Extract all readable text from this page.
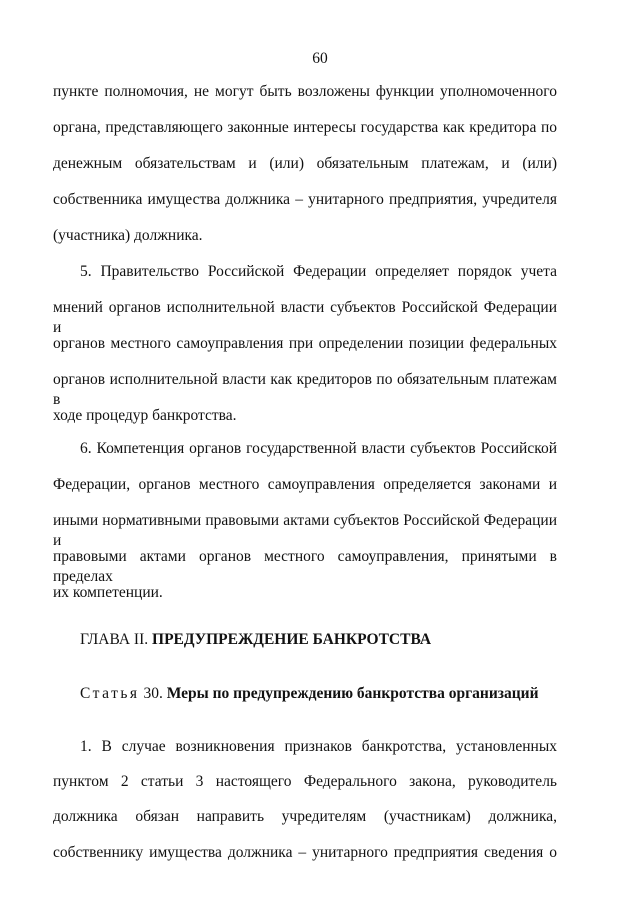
60
пункте полномочия, не могут быть возложены функции уполномоченного
органа, представляющего законные интересы государства как кредитора по
денежным обязательствам и (или) обязательным платежам, и (или)
собственника имущества должника – унитарного предприятия, учредителя
(участника) должника.
5. Правительство Российской Федерации определяет порядок учета
мнений органов исполнительной власти субъектов Российской Федерации и
органов местного самоуправления при определении позиции федеральных
органов исполнительной власти как кредиторов по обязательным платежам в
ходе процедур банкротства.
6. Компетенция органов государственной власти субъектов Российской
Федерации, органов местного самоуправления определяется законами и
иными нормативными правовыми актами субъектов Российской Федерации и
правовыми актами органов местного самоуправления, принятыми в пределах
их компетенции.
ГЛАВА II. ПРЕДУПРЕЖДЕНИЕ БАНКРОТСТВА
Статья 30. Меры по предупреждению банкротства организаций
1. В случае возникновения признаков банкротства, установленных
пунктом 2 статьи 3 настоящего Федерального закона, руководитель
должника обязан направить учредителям (участникам) должника,
собственнику имущества должника – унитарного предприятия сведения о
